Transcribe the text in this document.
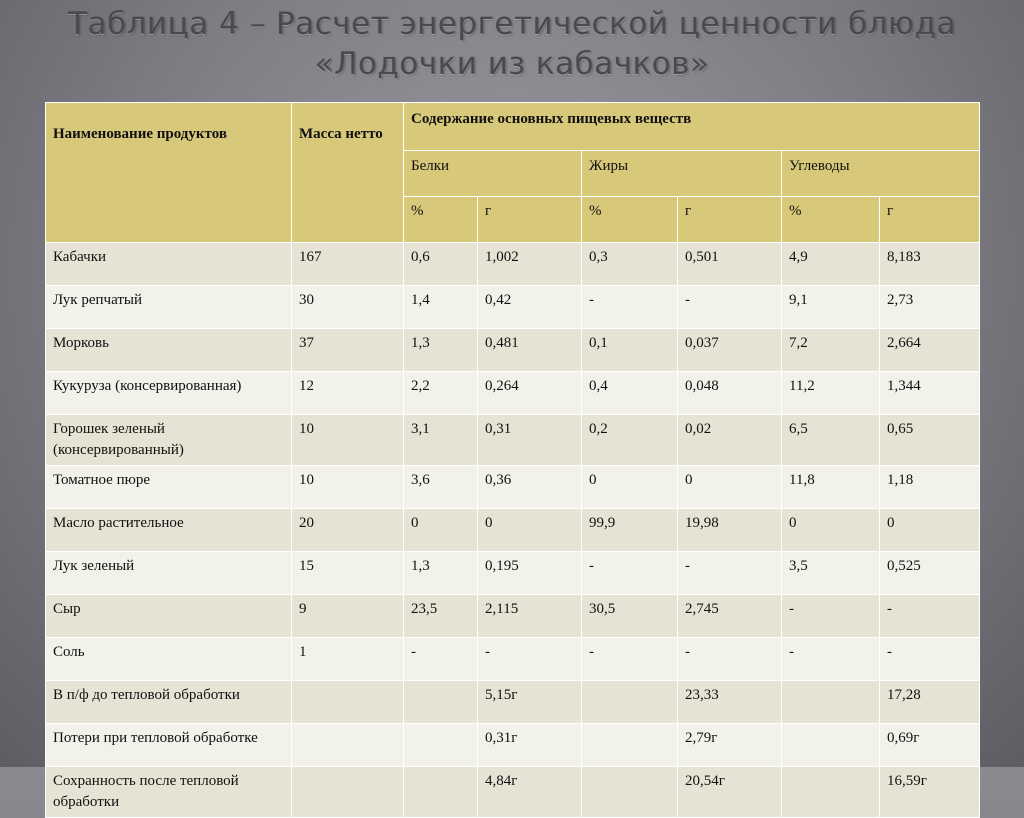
Таблица 4 – Расчет энергетической ценности блюда
«Лодочки из кабачков»
Наименование продуктов	Масса нетто	Содержание основных пищевых веществ					
		Белки		Жиры		Углеводы	
		%	г	%	г	%	г
Кабачки	167	0,6	1,002	0,3	0,501	4,9	8,183
Лук репчатый	30	1,4	0,42	-	-	9,1	2,73
Морковь	37	1,3	0,481	0,1	0,037	7,2	2,664
Кукуруза (консервированная)	12	2,2	0,264	0,4	0,048	11,2	1,344
Горошек зеленый (консервированный)	10	3,1	0,31	0,2	0,02	6,5	0,65
Томатное пюре	10	3,6	0,36	0	0	11,8	1,18
Масло растительное	20	0	0	99,9	19,98	0	0
Лук зеленый	15	1,3	0,195	-	-	3,5	0,525
Сыр	9	23,5	2,115	30,5	2,745	-	-
Соль	1	-	-	-	-	-	-
В п/ф до тепловой обработки			5,15г		23,33		17,28
Потери при тепловой обработке			0,31г		2,79г		0,69г
Сохранность после тепловой обработки			4,84г		20,54г		16,59г
